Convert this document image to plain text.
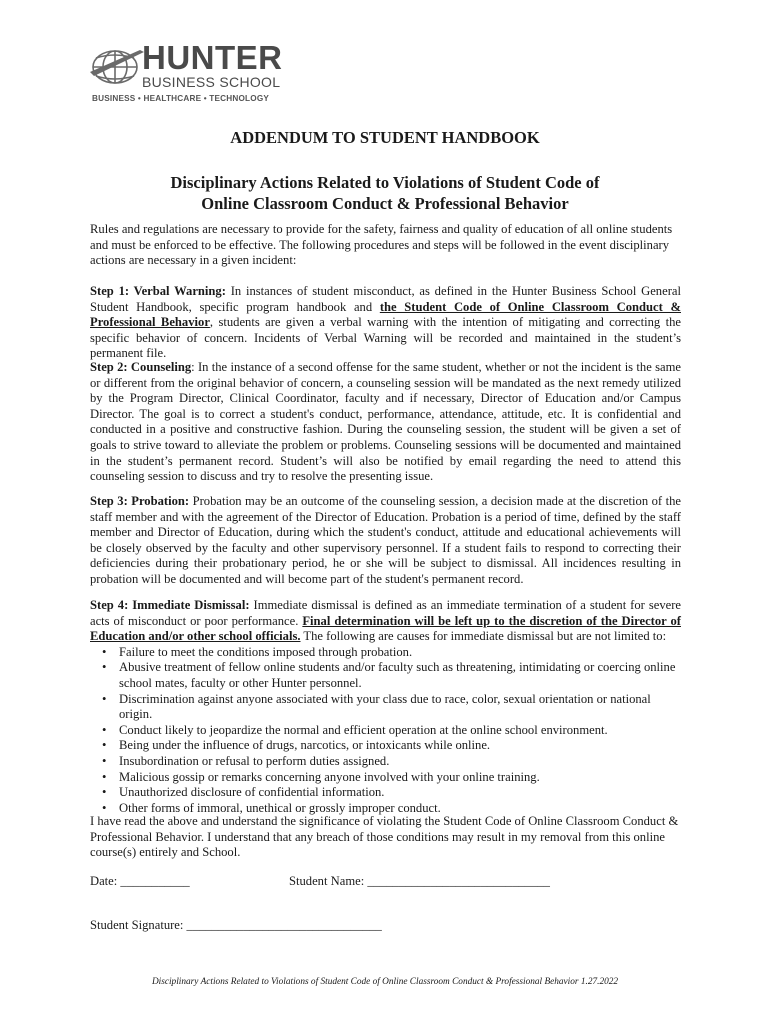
HUNTER
BUSINESS SCHOOL
BUSINESS • HEALTHCARE • TECHNOLOGY
ADDENDUM TO STUDENT HANDBOOK
Disciplinary Actions Related to Violations of Student Code of
Online Classroom Conduct & Professional Behavior

Rules and regulations are necessary to provide for the safety, fairness and quality of education of all online students and must be enforced to be effective. The following procedures and steps will be followed in the event disciplinary actions are necessary in a given incident:

Step 1: Verbal Warning: In instances of student misconduct, as defined in the Hunter Business School General Student Handbook, specific program handbook and the Student Code of Online Classroom Conduct & Professional Behavior, students are given a verbal warning with the intention of mitigating and correcting the specific behavior of concern. Incidents of Verbal Warning will be recorded and maintained in the student’s permanent file.

Step 2: Counseling: In the instance of a second offense for the same student, whether or not the incident is the same or different from the original behavior of concern, a counseling session will be mandated as the next remedy utilized by the Program Director, Clinical Coordinator, faculty and if necessary, Director of Education and/or Campus Director. The goal is to correct a student's conduct, performance, attendance, attitude, etc. It is confidential and conducted in a positive and constructive fashion. During the counseling session, the student will be given a set of goals to strive toward to alleviate the problem or problems. Counseling sessions will be documented and maintained in the student’s permanent record. Student’s will also be notified by email regarding the need to attend this counseling session to discuss and try to resolve the presenting issue.

Step 3: Probation: Probation may be an outcome of the counseling session, a decision made at the discretion of the staff member and with the agreement of the Director of Education. Probation is a period of time, defined by the staff member and Director of Education, during which the student's conduct, attitude and educational achievements will be closely observed by the faculty and other supervisory personnel. If a student fails to respond to correcting their deficiencies during their probationary period, he or she will be subject to dismissal. All incidences resulting in probation will be documented and will become part of the student's permanent record.

Step 4: Immediate Dismissal: Immediate dismissal is defined as an immediate termination of a student for severe acts of misconduct or poor performance. Final determination will be left up to the discretion of the Director of Education and/or other school officials. The following are causes for immediate dismissal but are not limited to:

• Failure to meet the conditions imposed through probation.
• Abusive treatment of fellow online students and/or faculty such as threatening, intimidating or coercing online school mates, faculty or other Hunter personnel.
• Discrimination against anyone associated with your class due to race, color, sexual orientation or national origin.
• Conduct likely to jeopardize the normal and efficient operation at the online school environment.
• Being under the influence of drugs, narcotics, or intoxicants while online.
• Insubordination or refusal to perform duties assigned.
• Malicious gossip or remarks concerning anyone involved with your online training.
• Unauthorized disclosure of confidential information.
• Other forms of immoral, unethical or grossly improper conduct.

I have read the above and understand the significance of violating the Student Code of Online Classroom Conduct & Professional Behavior. I understand that any breach of those conditions may result in my removal from this online course(s) entirely and School.

Date: ___________	Student Name: _____________________________
Student Signature: _______________________________
Disciplinary Actions Related to Violations of Student Code of Online Classroom Conduct & Professional Behavior 1.27.2022
